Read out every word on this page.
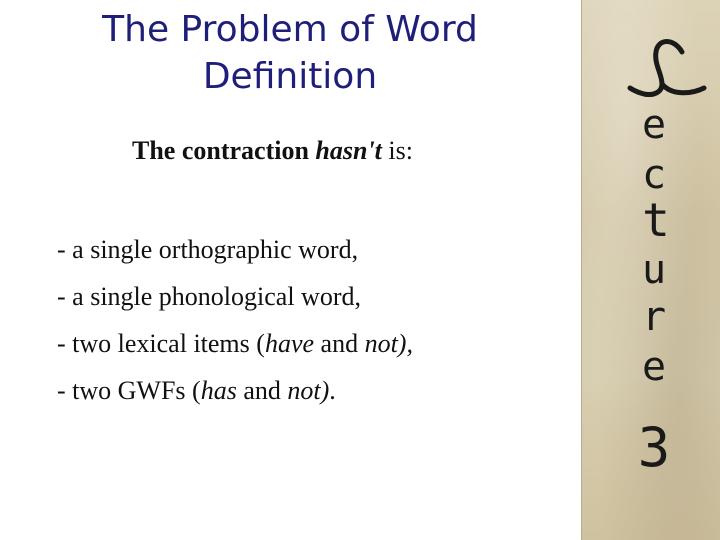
The Problem of Word
Definition
The contraction hasn't is:
- a single orthographic word,
- a single phonological word,
- two lexical items (have and not),
- two GWFs (has and not).
e
c
t
u
r
e
3
